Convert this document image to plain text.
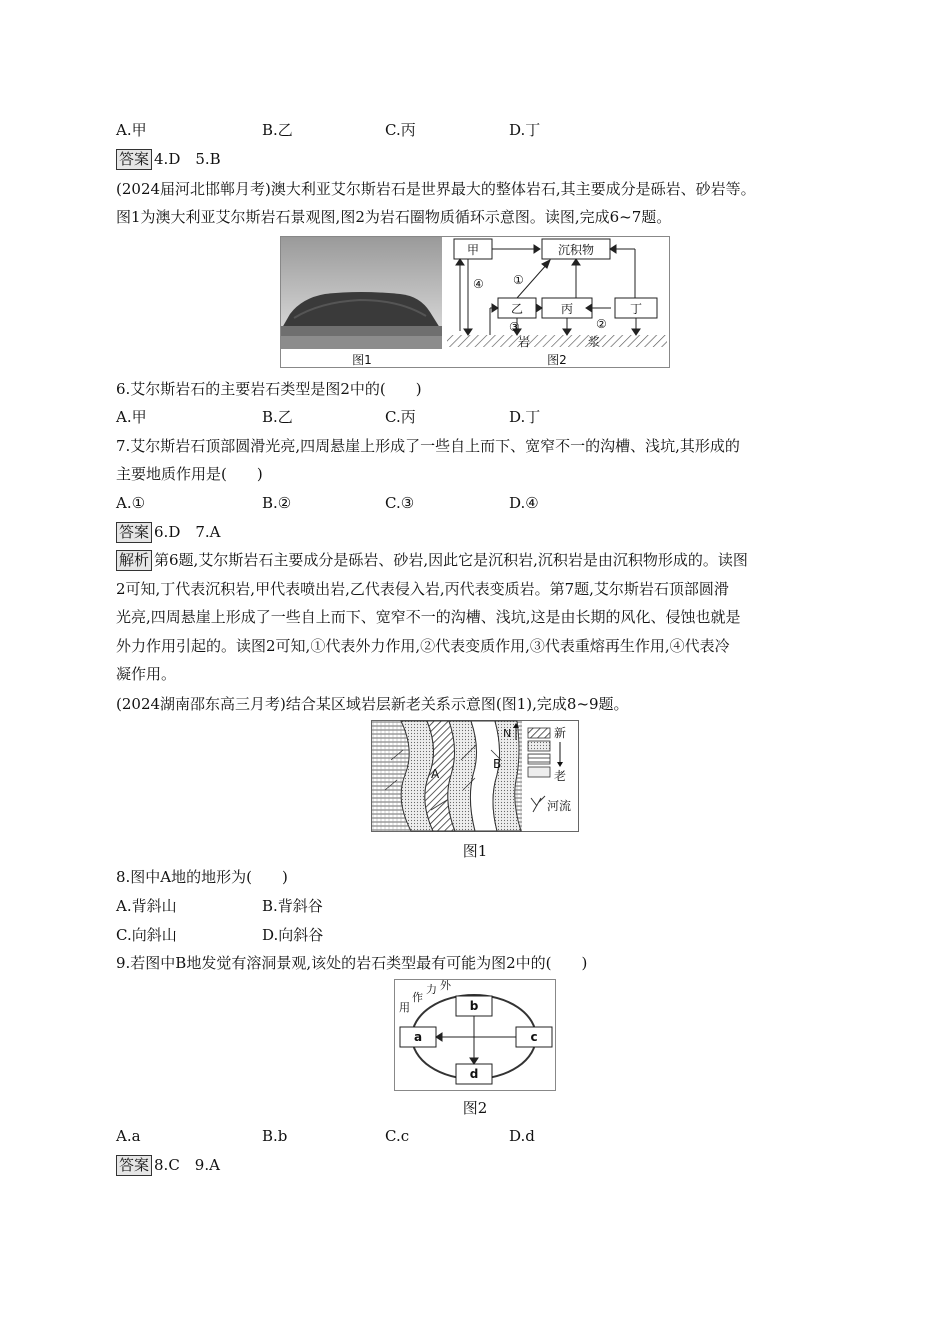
A.甲	B.乙	C.丙	D.丁
答案 4.D　5.B
(2024届河北邯郸月考)澳大利亚艾尔斯岩石是世界最大的整体岩石,其主要成分是砾岩、砂岩等。
图1为澳大利亚艾尔斯岩石景观图,图2为岩石圈物质循环示意图。读图,完成6~7题。
图1
岩	浆
甲	沉积物
乙	丙	丁
①
②
③
④
图2
6.艾尔斯岩石的主要岩石类型是图2中的(　　)
A.甲	B.乙	C.丙	D.丁
7.艾尔斯岩石顶部圆滑光亮,四周悬崖上形成了一些自上而下、宽窄不一的沟槽、浅坑,其形成的
主要地质作用是(　　)
A.①	B.②	C.③	D.④
答案 6.D　7.A
解析 第6题,艾尔斯岩石主要成分是砾岩、砂岩,因此它是沉积岩,沉积岩是由沉积物形成的。读图
2可知,丁代表沉积岩,甲代表喷出岩,乙代表侵入岩,丙代表变质岩。第7题,艾尔斯岩石顶部圆滑
光亮,四周悬崖上形成了一些自上而下、宽窄不一的沟槽、浅坑,这是由长期的风化、侵蚀也就是
外力作用引起的。读图2可知,①代表外力作用,②代表变质作用,③代表重熔再生作用,④代表冷
凝作用。
(2024湖南邵东高三月考)结合某区域岩层新老关系示意图(图1),完成8~9题。
A
B
N	新
老
河流
图1
8.图中A地的地形为(　　)
A.背斜山	B.背斜谷
C.向斜山	D.向斜谷
9.若图中B地发觉有溶洞景观,该处的岩石类型最有可能为图2中的(　　)
a
b
c
d
用
作
力 外
图2
A.a	B.b	C.c	D.d
答案 8.C　9.A
